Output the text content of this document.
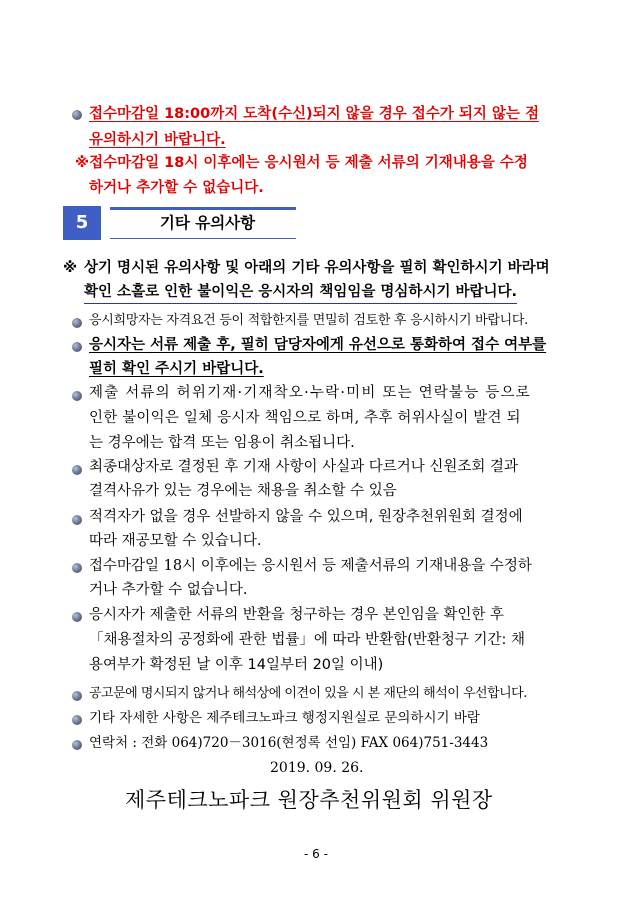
접수마감일 18:00까지 도착(수신)되지 않을 경우 접수가 되지 않는 점
유의하시기 바랍니다.
※접수마감일 18시 이후에는 응시원서 등 제출 서류의 기재내용을 수정
하거나 추가할 수 없습니다.
5	기타 유의사항
※ 상기 명시된 유의사항 및 아래의 기타 유의사항을 필히 확인하시기 바라며
확인 소홀로 인한 불이익은 응시자의 책임임을 명심하시기 바랍니다.
응시희망자는 자격요건 등이 적합한지를 면밀히 검토한 후 응시하시기 바랍니다.
응시자는 서류 제출 후, 필히 담당자에게 유선으로 통화하여 접수 여부를
필히 확인 주시기 바랍니다.
제출 서류의 허위기재·기재착오·누락·미비 또는 연락불능 등으로
인한 불이익은 일체 응시자 책임으로 하며, 추후 허위사실이 발견 되
는 경우에는 합격 또는 임용이 취소됩니다.
최종대상자로 결정된 후 기재 사항이 사실과 다르거나 신원조회 결과
결격사유가 있는 경우에는 채용을 취소할 수 있음
적격자가 없을 경우 선발하지 않을 수 있으며, 원장추천위원회 결정에
따라 재공모할 수 있습니다.
접수마감일 18시 이후에는 응시원서 등 제출서류의 기재내용을 수정하
거나 추가할 수 없습니다.
응시자가 제출한 서류의 반환을 청구하는 경우 본인임을 확인한 후
「채용절차의 공정화에 관한 법률」에 따라 반환함(반환청구 기간: 채
용여부가 확정된 날 이후 14일부터 20일 이내)
공고문에 명시되지 않거나 해석상에 이견이 있을 시 본 재단의 해석이 우선합니다.
기타 자세한 사항은 제주테크노파크 행정지원실로 문의하시기 바람
연락처 : 전화 064)720－3016(현정록 선임) FAX 064)751-3443
2019. 09. 26.
제주테크노파크 원장추천위원회 위원장
- 6 -
